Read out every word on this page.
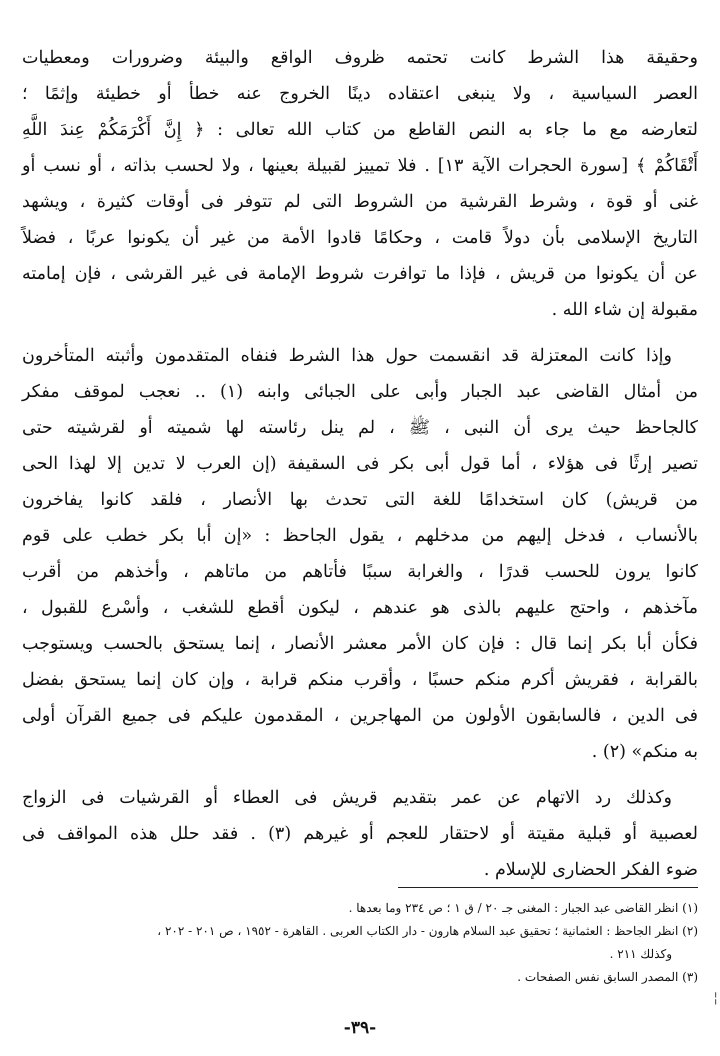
وحقيقة هذا الشرط كانت تحتمه ظروف الواقع والبيئة وضرورات ومعطيات
العصر السياسية ، ولا ينبغى اعتقاده دينًا الخروج عنه خطأ أو خطيئة وإثمًا ؛
لتعارضه مع ما جاء به النص القاطع من كتاب الله تعالى : ﴿ إِنَّ أَكْرَمَكُمْ عِندَ اللَّهِ
أَتْقَاكُمْ ﴾ [سورة الحجرات الآية ١٣] . فلا تمييز لقبيلة بعينها ، ولا لحسب بذاته ، أو نسب أو
غنى أو قوة ، وشرط القرشية من الشروط التى لم تتوفر فى أوقات كثيرة ، ويشهد
التاريخ الإسلامى بأن دولاً قامت ، وحكامًا قادوا الأمة من غير أن يكونوا عربًا ، فضلاً
عن أن يكونوا من قريش ، فإذا ما توافرت شروط الإمامة فى غير القرشى ، فإن إمامته
مقبولة إن شاء الله .
وإذا كانت المعتزلة قد انقسمت حول هذا الشرط فنفاه المتقدمون وأثبته المتأخرون
من أمثال القاضى عبد الجبار وأبى على الجبائى وابنه (١) .. نعجب لموقف مفكر
كالجاحظ حيث يرى أن النبى ، ﷺ ، لم ينل رئاسته لها شميته أو لقرشيته حتى
تصير إرثًا فى هؤلاء ، أما قول أبى بكر فى السقيفة (إن العرب لا تدين إلا لهذا الحى
من قريش) كان استخدامًا للغة التى تحدث بها الأنصار ، فلقد كانوا يفاخرون
بالأنساب ، فدخل إليهم من مدخلهم ، يقول الجاحظ : «إن أبا بكر خطب على قوم
كانوا يرون للحسب قدرًا ، والغرابة سببًا فأتاهم من ماتاهم ، وأخذهم من أقرب
مآخذهم ، واحتج عليهم بالذى هو عندهم ، ليكون أقطع للشغب ، وأسْرع للقبول ،
فكأن أبا بكر إنما قال : فإن كان الأمر معشر الأنصار ، إنما يستحق بالحسب ويستوجب
بالقرابة ، فقريش أكرم منكم حسبًا ، وأقرب منكم قرابة ، وإن كان إنما يستحق بفضل
فى الدين ، فالسابقون الأولون من المهاجرين ، المقدمون عليكم فى جميع القرآن أولى
به منكم» (٢) .
وكذلك رد الاتهام عن عمر بتقديم قريش فى العطاء أو القرشيات فى الزواج
لعصبية أو قبلية مقيتة أو لاحتقار للعجم أو غيرهم (٣) . فقد حلل هذه المواقف فى
ضوء الفكر الحضارى للإسلام .
(١) انظر القاضى عبد الجبار : المغنى جـ ٢٠ / ق ١ ؛ ص ٢٣٤ وما بعدها .
(٢) انظر الجاحظ : العثمانية ؛ تحقيق عبد السلام هارون - دار الكتاب العربى . القاهرة - ١٩٥٢ ، ص ٢٠١ - ٢٠٢ ،
وكذلك ٢١١ .
(٣) المصدر السابق نفس الصفحات .
¦
-٣٩-
